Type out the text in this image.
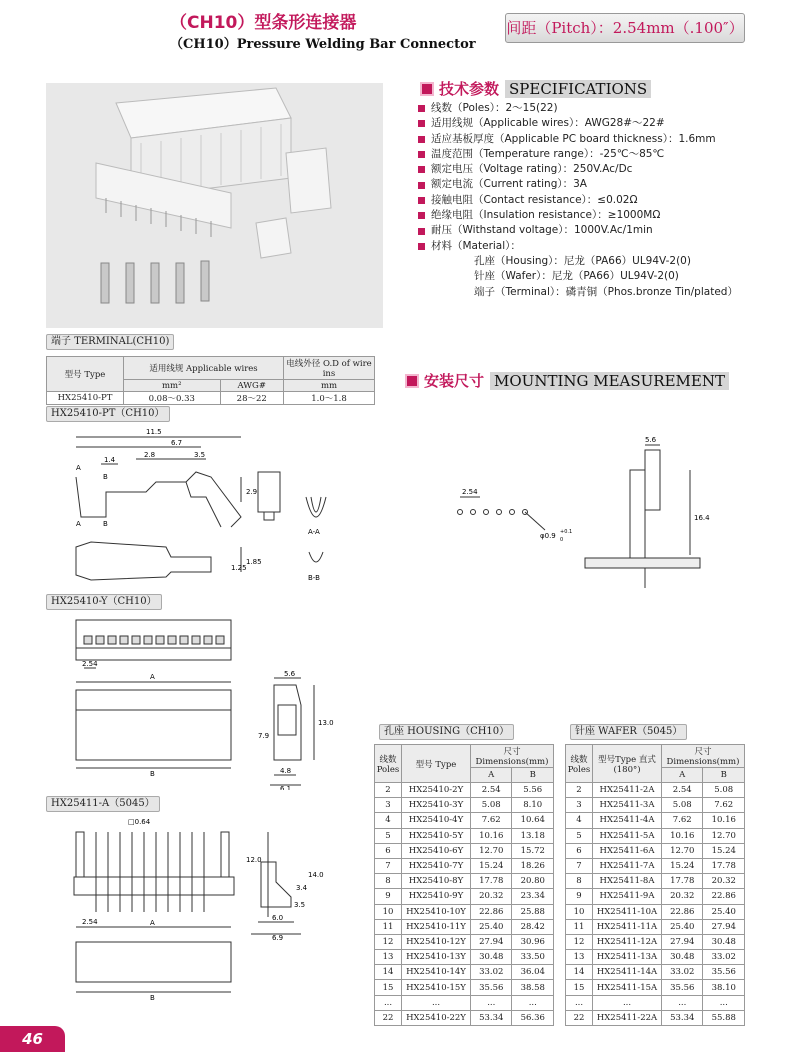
（CH10）型条形连接器
（CH10）Pressure Welding Bar Connector
间距（Pitch）：2.54mm（.100″）
技术参数 SPECIFICATIONS
线数（Poles）：2～15(22)
适用线规（Applicable wires）：AWG28#～22#
适应基板厚度（Applicable PC board thickness）：1.6mm
温度范围（Temperature range）：-25℃～85℃
额定电压（Voltage rating）：250V.Ac/Dc
额定电流（Current rating）：3A
接触电阻（Contact resistance）：≤0.02Ω
绝缘电阻（Insulation resistance）：≥1000MΩ
耐压（Withstand voltage）：1000V.Ac/1min
材料（Material）：
孔座（Housing）：尼龙（PA66）UL94V-2(0)
针座（Wafer）：尼龙（PA66）UL94V-2(0)
端子（Terminal）：磷青铜（Phos.bronze Tin/plated）
端子 TERMINAL(CH10)
型号 Type	适用线规 Applicable wires		电线外径 O.D of wire ins
	mm²	AWG#	mm
HX25410-PT	0.08～0.33	28～22	1.0～1.8
HX25410-PT（CH10）
11.5
6.7
1.4
2.8	3.5
2.9
1.85
1.25
A
B
A	B
A-A
B-B
HX25410-Y（CH10）
2.54
A
B
5.6
13.0
7.9
4.8
6.1
HX25411-A（5045）
□0.64
12.0
14.0
3.4
3.5
2.54	A
B
6.0
6.9
安装尺寸 MOUNTING MEASUREMENT
2.54
φ0.9 +0.1
0
5.6
16.4
孔座 HOUSING（CH10）
线数 Poles	型号 Type	尺寸Dimensions(mm)	
		A	B
2	HX25410-2Y	2.54	5.56
3	HX25410-3Y	5.08	8.10
4	HX25410-4Y	7.62	10.64
5	HX25410-5Y	10.16	13.18
6	HX25410-6Y	12.70	15.72
7	HX25410-7Y	15.24	18.26
8	HX25410-8Y	17.78	20.80
9	HX25410-9Y	20.32	23.34
10	HX25410-10Y	22.86	25.88
11	HX25410-11Y	25.40	28.42
12	HX25410-12Y	27.94	30.96
13	HX25410-13Y	30.48	33.50
14	HX25410-14Y	33.02	36.04
15	HX25410-15Y	35.56	38.58
...	...	...	...
22	HX25410-22Y	53.34	56.36
针座 WAFER（5045）
线数 Poles	型号Type 直式(180°)	尺寸Dimensions(mm)	
		A	B
2	HX25411-2A	2.54	5.08
3	HX25411-3A	5.08	7.62
4	HX25411-4A	7.62	10.16
5	HX25411-5A	10.16	12.70
6	HX25411-6A	12.70	15.24
7	HX25411-7A	15.24	17.78
8	HX25411-8A	17.78	20.32
9	HX25411-9A	20.32	22.86
10	HX25411-10A	22.86	25.40
11	HX25411-11A	25.40	27.94
12	HX25411-12A	27.94	30.48
13	HX25411-13A	30.48	33.02
14	HX25411-14A	33.02	35.56
15	HX25411-15A	35.56	38.10
...	...	...	...
22	HX25411-22A	53.34	55.88
46
